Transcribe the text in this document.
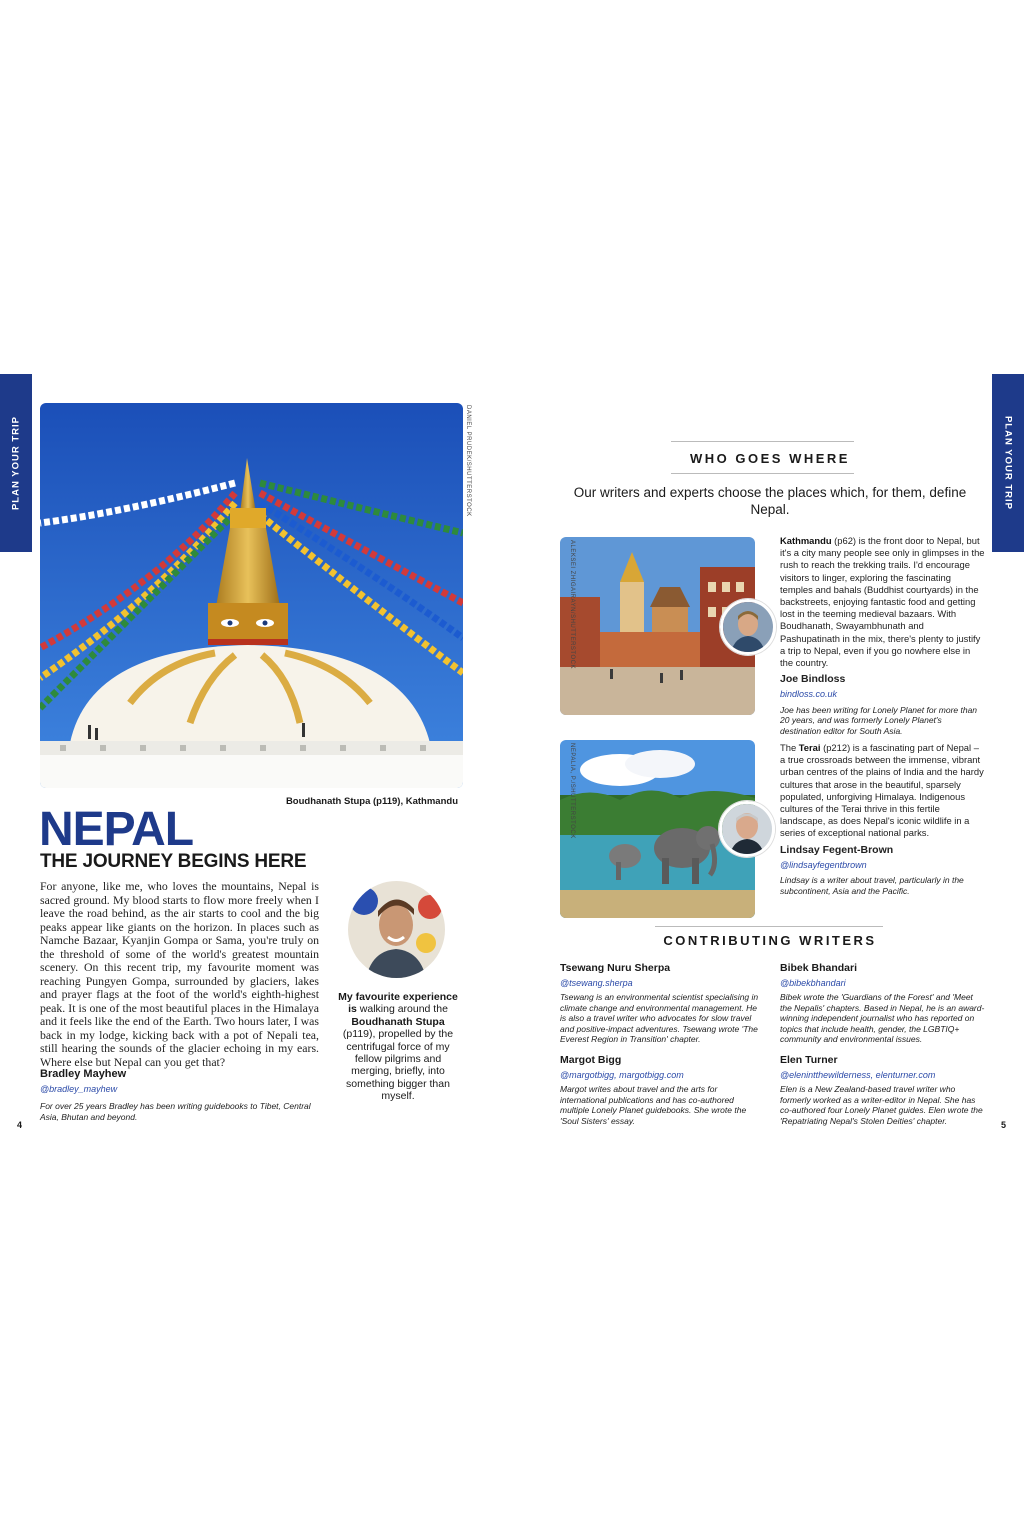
PLAN YOUR TRIP	PLAN YOUR TRIP
4	5
DANIEL PRUDEK/SHUTTERSTOCK
Boudhanath Stupa (p119), Kathmandu
NEPAL
THE JOURNEY BEGINS HERE
For anyone, like me, who loves the mountains, Nepal is sacred ground. My blood starts to flow more freely when I leave the road behind, as the air starts to cool and the big peaks appear like giants on the horizon. In places such as Namche Bazaar, Kyanjin Gompa or Sama, you're truly on the threshold of some of the world's greatest mountain scenery. On this recent trip, my favourite moment was reaching Pungyen Gompa, surrounded by glaciers, lakes and prayer flags at the foot of the world's eighth-highest peak. It is one of the most beautiful places in the Himalaya and it feels like the end of the Earth. Two hours later, I was back in my lodge, kicking back with a pot of Nepali tea, still hearing the sounds of the glacier echoing in my ears. Where else but Nepal can you get that?
Bradley Mayhew
@bradley_mayhew
For over 25 years Bradley has been writing guidebooks to Tibet, Central Asia, Bhutan and beyond.
My favourite experience is walking around the Boudhanath Stupa (p119), propelled by the centrifugal force of my fellow pilgrims and merging, briefly, into something bigger than myself.
WHO GOES WHERE
Our writers and experts choose the places which, for them, define Nepal.
ALEKSEI ZHIGAIRAYN/SHUTTERSTOCK	Kathmandu (p62) is the front door to Nepal, but it's a city many people see only in glimpses in the rush to reach the trekking trails. I'd encourage visitors to linger, exploring the fascinating temples and bahals (Buddhist courtyards) in the backstreets, enjoying fantastic food and getting lost in the teeming medieval bazaars. With Boudhanath, Swayambhunath and Pashupatinath in the mix, there's plenty to justify a trip to Nepal, even if you go nowhere else in the country.
Joe Bindloss
bindloss.co.uk
Joe has been writing for Lonely Planet for more than 20 years, and was formerly Lonely Planet's destination editor for South Asia.
NEPALIA, P./SHUTTERSTOCK	The Terai (p212) is a fascinating part of Nepal – a true crossroads between the immense, vibrant urban centres of the plains of India and the hardy cultures that arose in the beautiful, sparsely populated, unforgiving Himalaya. Indigenous cultures of the Terai thrive in this fertile landscape, as does Nepal's iconic wildlife in a series of exceptional national parks.
Lindsay Fegent-Brown
@lindsayfegentbrown
Lindsay is a writer about travel, particularly in the subcontinent, Asia and the Pacific.
CONTRIBUTING WRITERS
Tsewang Nuru Sherpa
@tsewang.sherpa
Tsewang is an environmental scientist specialising in climate change and environmental management. He is also a travel writer who advocates for slow travel and positive-impact adventures. Tsewang wrote 'The Everest Region in Transition' chapter.
Bibek Bhandari
@bibekbhandari
Bibek wrote the 'Guardians of the Forest' and 'Meet the Nepalis' chapters. Based in Nepal, he is an award-winning independent journalist who has reported on topics that include health, gender, the LGBTIQ+ community and environmental issues.
Margot Bigg
@margotbigg, margotbigg.com
Margot writes about travel and the arts for international publications and has co-authored multiple Lonely Planet guidebooks. She wrote the 'Soul Sisters' essay.
Elen Turner
@elenintthewilderness, elenturner.com
Elen is a New Zealand-based travel writer who formerly worked as a writer-editor in Nepal. She has co-authored four Lonely Planet guides. Elen wrote the 'Repatriating Nepal's Stolen Deities' chapter.
